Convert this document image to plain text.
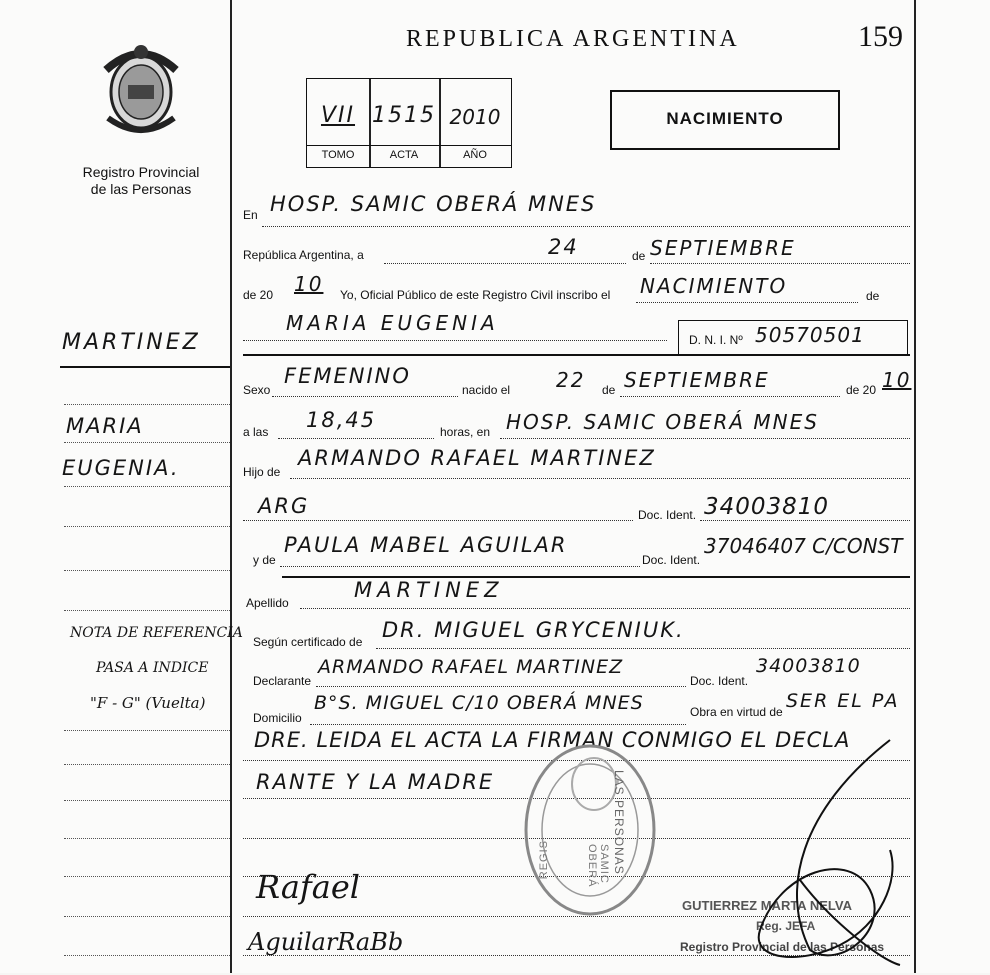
Registro Provincial
de las Personas
REPUBLICA ARGENTINA	159
VII 1515 2010
TOMO	ACTA	AÑO
NACIMIENTO
En HOSP. SAMIC OBERÁ MNES
República Argentina, a	24	de SEPTIEMBRE
de 20 10 Yo, Oficial Público de este Registro Civil inscribo el NACIMIENTO	de
MARIA EUGENIA
D. N. I. Nº 50570501
Sexo
FEMENINO
nacido el 22 de SEPTIEMBRE	de 20 10
a las 18,45	horas, en HOSP. SAMIC OBERÁ MNES
Hijo de
ARMANDO RAFAEL MARTINEZ
ARG	Doc. Ident. 34003810
y de
PAULA MABEL AGUILAR
Doc. Ident.
37046407 C/CONST
Apellido
MARTINEZ
Según certificado de DR. MIGUEL GRYCENIUK.
Declarante
ARMANDO RAFAEL MARTINEZ
Doc. Ident.
34003810
Domicilio
B°S. MIGUEL C/10 OBERÁ MNES	Obra en virtud de SER EL PA
DRE. LEIDA EL ACTA LA FIRMAN CONMIGO EL DECLA
RANTE Y LA MADRE
MARTINEZ
MARIA
EUGENIA.
NOTA DE REFERENCIA
PASA A INDICE
"F - G" (Vuelta)
LAS PERSONAS
SAMIC OBERÁ
REGIS
GUTIERREZ MARTA NELVA
Reg. JEFA
Registro Provincial de las Personas
Rafael
AguilarRaBb
